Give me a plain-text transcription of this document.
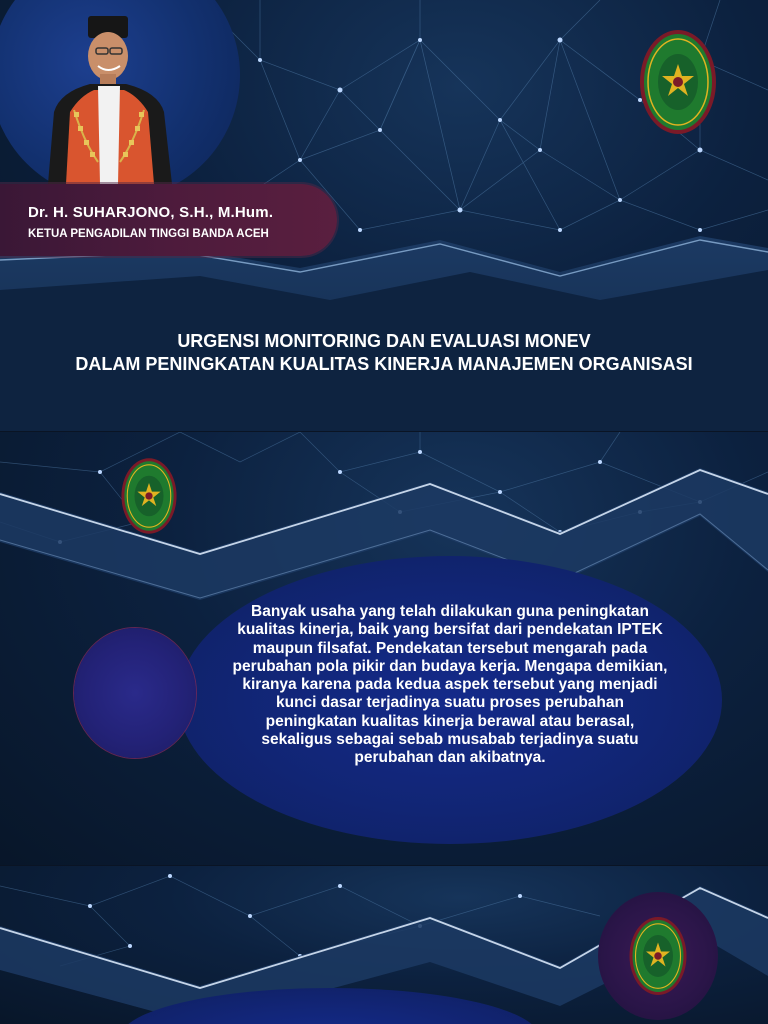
Dr. H. SUHARJONO, S.H., M.Hum.
KETUA PENGADILAN TINGGI BANDA ACEH
URGENSI MONITORING DAN EVALUASI MONEV
DALAM PENINGKATAN KUALITAS KINERJA MANAJEMEN ORGANISASI

Banyak usaha yang telah dilakukan guna peningkatan kualitas kinerja, baik yang bersifat dari pendekatan IPTEK maupun filsafat. Pendekatan tersebut mengarah pada perubahan pola pikir dan budaya kerja. Mengapa demikian, kiranya karena pada kedua aspek tersebut yang menjadi kunci dasar terjadinya suatu proses perubahan peningkatan kualitas kinerja berawal atau berasal, sekaligus sebagai sebab musabab terjadinya suatu perubahan dan akibatnya.
